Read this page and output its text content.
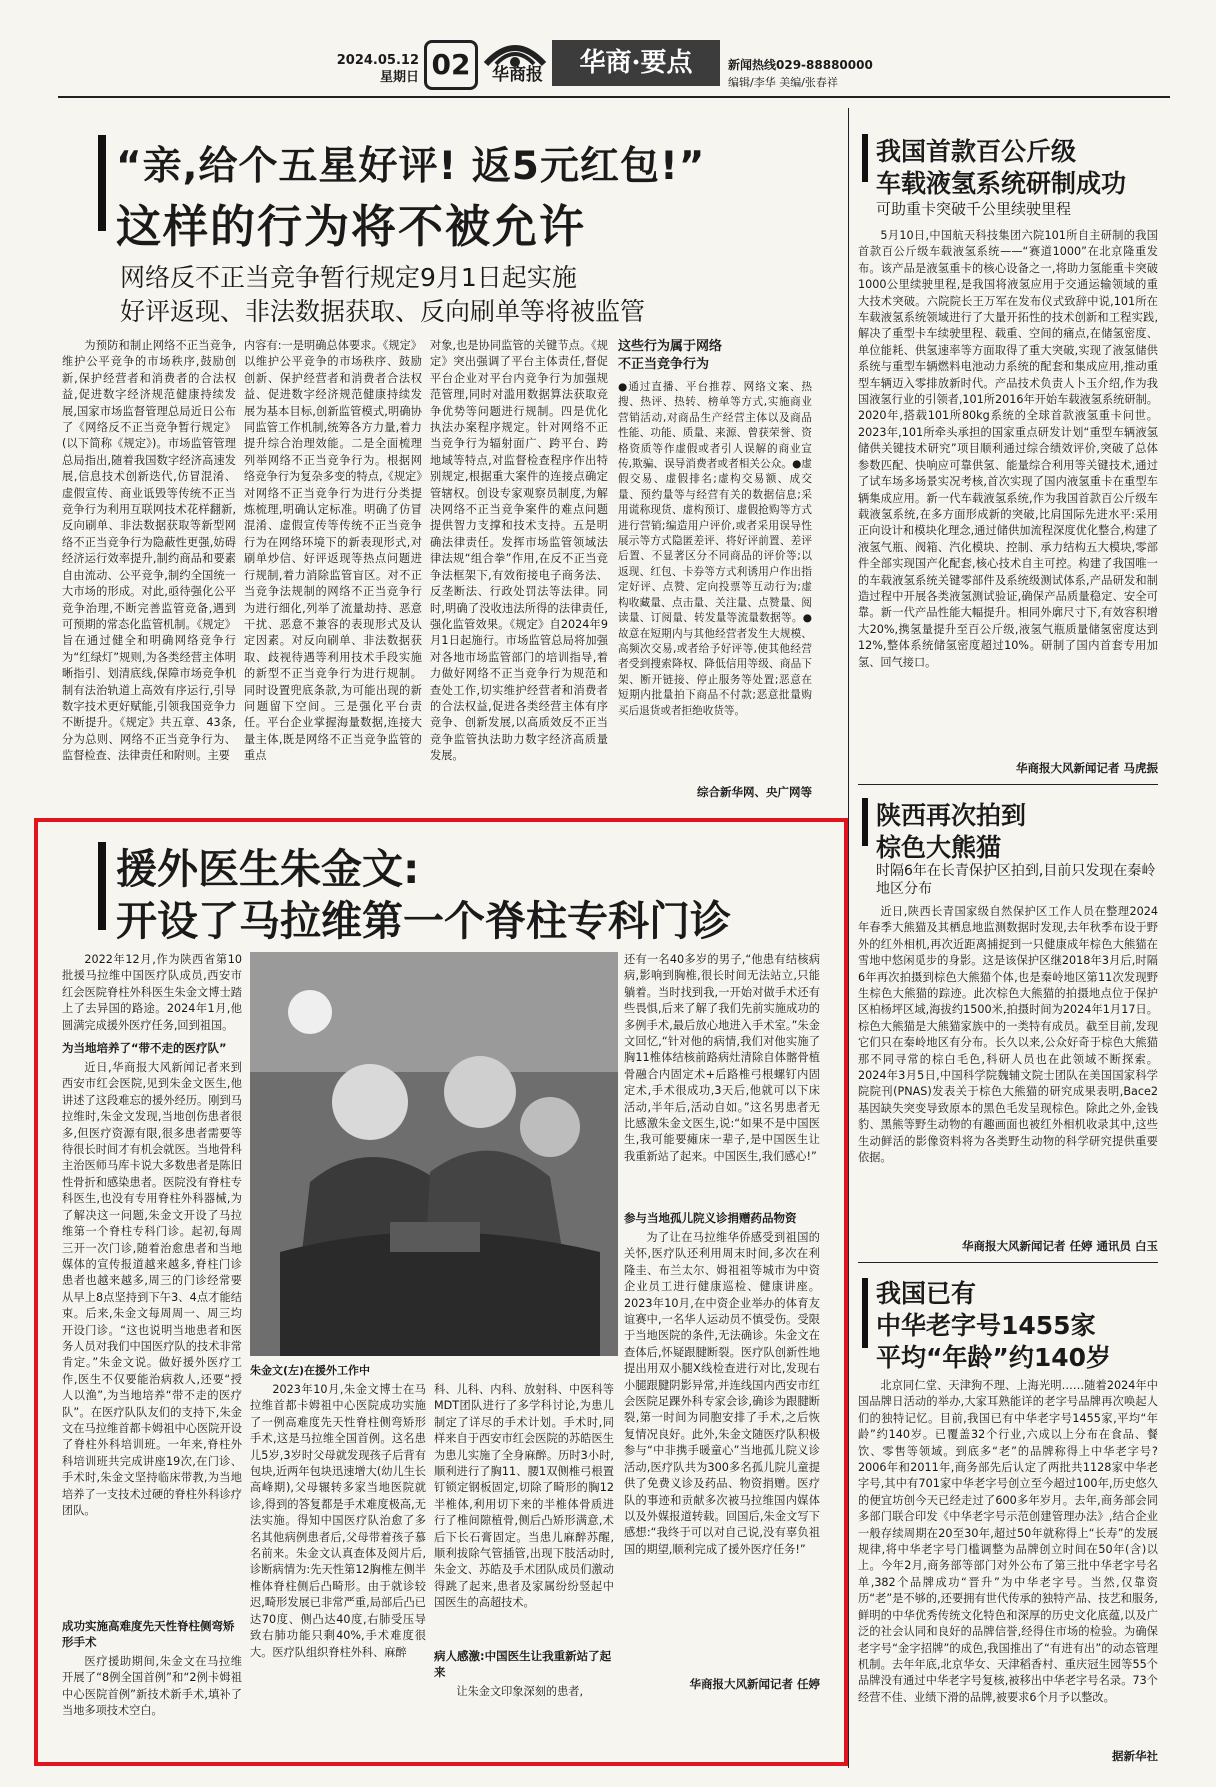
2024.05.12
星期日 02	华商报	华商·要点	新闻热线029-88880000
编辑/李华 美编/张春祥
“亲,给个五星好评! 返5元红包!”
这样的行为将不被允许
网络反不正当竞争暂行规定9月1日起实施
好评返现、非法数据获取、反向刷单等将被监管

为预防和制止网络不正当竞争,维护公平竞争的市场秩序,鼓励创新,保护经营者和消费者的合法权益,促进数字经济规范健康持续发展,国家市场监督管理总局近日公布了《网络反不正当竞争暂行规定》(以下简称《规定》)。市场监管管理总局指出,随着我国数字经济高速发展,信息技术创新迭代,仿冒混淆、虚假宣传、商业诋毁等传统不正当竞争行为利用互联网技术花样翻新,反向刷单、非法数据获取等新型网络不正当竞争行为隐蔽性更强,妨碍经济运行效率提升,制约商品和要素自由流动、公平竞争,制约全国统一大市场的形成。对此,亟待强化公平竞争治理,不断完善监管竞备,遇到可预期的常态化监管机制。《规定》旨在通过健全和明确网络竞争行为“红绿灯”规则,为各类经营主体明晰指引、划清底线,保障市场竞争机制有法治轨道上高效有序运行,引导数字技术更好赋能,引领我国竞争力不断提升。《规定》共五章、43条,分为总则、网络不正当竞争行为、监督检查、法律责任和附则。主要

内容有:一是明确总体要求。《规定》以维护公平竞争的市场秩序、鼓励创新、保护经营者和消费者合法权益、促进数字经济规范健康持续发展为基本目标,创新监管模式,明确协同监管工作机制,统筹各方力量,着力提升综合治理效能。二是全面梳理列举网络不正当竞争行为。根据网络竞争行为复杂多变的特点,《规定》对网络不正当竞争行为进行分类提炼梳理,明确认定标准。明确了仿冒混淆、虚假宣传等传统不正当竞争行为在网络环境下的新表现形式,对刷单炒信、好评返现等热点问题进行规制,着力消除监管盲区。对不正当竞争法规制的网络不正当竞争行为进行细化,列举了流量劫持、恶意干扰、恶意不兼容的表现形式及认定因素。对反向刷单、非法数据获取、歧视待遇等利用技术手段实施的新型不正当竞争行为进行规制。同时设置兜底条款,为可能出现的新问题留下空间。三是强化平台责任。平台企业掌握海量数据,连接大量主体,既是网络不正当竞争监管的重点

对象,也是协同监管的关键节点。《规定》突出强调了平台主体责任,督促平台企业对平台内竞争行为加强规范管理,同时对滥用数据算法获取竞争优势等问题进行规制。四是优化执法办案程序规定。针对网络不正当竞争行为辐射面广、跨平台、跨地域等特点,对监督检查程序作出特别规定,根据重大案件的连接点确定管辖权。创设专家观察员制度,为解决网络不正当竞争案件的难点问题提供智力支撑和技术支持。五是明确法律责任。发挥市场监管领域法律法规“组合拳”作用,在反不正当竞争法框架下,有效衔接电子商务法、反垄断法、行政处罚法等法律。同时,明确了没收违法所得的法律责任,强化监管效果。《规定》自2024年9月1日起施行。市场监管总局将加强对各地市场监管部门的培训指导,着力做好网络不正当竞争行为规范和查处工作,切实维护经营者和消费者的合法权益,促进各类经营主体有序竞争、创新发展,以高质效反不正当竞争监管执法助力数字经济高质量发展。

这些行为属于网络不正当竞争行为
●通过直播、平台推荐、网络文案、热搜、热评、热转、榜单等方式,实施商业营销活动,对商品生产经营主体以及商品性能、功能、质量、来源、曾获荣誉、资格资质等作虚假或者引人误解的商业宣传,欺骗、误导消费者或者相关公众。●虚假交易、虚假排名;虚构交易额、成交量、预约量等与经营有关的数据信息;采用谎称现货、虚构预订、虚假抢购等方式进行营销;编造用户评价,或者采用误导性展示等方式隐匿差评、将好评前置、差评后置、不显著区分不同商品的评价等;以返现、红包、卡券等方式利诱用户作出指定好评、点赞、定向投票等互动行为;虚构收藏量、点击量、关注量、点赞量、阅读量、订阅量、转发量等流量数据等。●故意在短期内与其他经营者发生大规模、高频次交易,或者给予好评等,使其他经营者受到搜索降权、降低信用等级、商品下架、断开链接、停止服务等处置;恶意在短期内批量拍下商品不付款;恶意批量购买后退货或者拒绝收货等。
综合新华网、央广网等
援外医生朱金文:
开设了马拉维第一个脊柱专科门诊

2022年12月,作为陕西省第10批援马拉维中国医疗队成员,西安市红会医院脊柱外科医生朱金文博士踏上了去异国的路途。2024年1月,他圆满完成援外医疗任务,回到祖国。

为当地培养了“带不走的医疗队”

近日,华商报大风新闻记者来到西安市红会医院,见到朱金文医生,他讲述了这段难忘的援外经历。刚到马拉维时,朱金文发现,当地创伤患者很多,但医疗资源有限,很多患者需要等待很长时间才有机会就医。当地骨科主治医师马库卡说大多数患者是陈旧性骨折和感染患者。医院没有脊柱专科医生,也没有专用脊柱外科器械,为了解决这一问题,朱金文开设了马拉维第一个脊柱专科门诊。起初,每周三开一次门诊,随着治愈患者和当地媒体的宣传报道越来越多,脊柱门诊患者也越来越多,周三的门诊经常要从早上8点坚持到下午3、4点才能结束。后来,朱金文每周周一、周三均开设门诊。“这也说明当地患者和医务人员对我们中国医疗队的技术非常肯定。”朱金文说。做好援外医疗工作,医生不仅要能治病救人,还要“授人以渔”,为当地培养“带不走的医疗队”。在医疗队队友们的支持下,朱金文在马拉维首都卡姆祖中心医院开设了脊柱外科培训班。一年来,脊柱外科培训班共完成讲座19次,在门诊、手术时,朱金文坚持临床带教,为当地培养了一支技术过硬的脊柱外科诊疗团队。

成功实施高难度先天性脊柱侧弯矫形手术

医疗援助期间,朱金文在马拉维开展了“8例全国首例”和“2例卡姆祖中心医院首例”新技术新手术,填补了当地多项技术空白。

朱金文(左)在援外工作中

2023年10月,朱金文博士在马拉维首都卡姆祖中心医院成功实施了一例高难度先天性脊柱侧弯矫形手术,这是马拉维全国首例。这名患儿5岁,3岁时父母就发现孩子后背有包块,近两年包块迅速增大(幼儿生长高峰期),父母辗转多家当地医院就诊,得到的答复都是手术难度极高,无法实施。得知中国医疗队治愈了多名其他病例患者后,父母带着孩子慕名前来。朱金文认真查体及阅片后,诊断病情为:先天性第12胸椎左侧半椎体脊柱侧后凸畸形。由于就诊较迟,畸形发展已非常严重,局部后凸已达70度、侧凸达40度,右肺受压导致右肺功能只剩40%,手术难度很大。医疗队组织脊柱外科、麻醉

科、儿科、内科、放射科、中医科等MDT团队进行了多学科讨论,为患儿制定了详尽的手术计划。手术时,同样来自于西安市红会医院的苏皓医生为患儿实施了全身麻醉。历时3小时,顺利进行了胸11、腰1双侧椎弓根置钉锁定钢板固定,切除了畸形的胸12半椎体,利用切下来的半椎体骨质进行了椎间隙植骨,侧后凸矫形满意,术后下长石膏固定。当患儿麻醉苏醒,顺利拔除气管插管,出现下肢活动时,朱金文、苏皓及手术团队成员们激动得跳了起来,患者及家属纷纷竖起中国医生的高超技术。

病人感激:中国医生让我重新站了起来

让朱金文印象深刻的患者,

还有一名40多岁的男子,“他患有结核病病,影响到胸椎,很长时间无法站立,只能躺着。当时找到我,一开始对做手术还有些畏惧,后来了解了我们先前实施成功的多例手术,最后放心地进入手术室。”朱金文回忆,“针对他的病情,我们对他实施了胸11椎体结核前路病灶清除自体髂骨植骨融合内固定术+后路椎弓根螺钉内固定术,手术很成功,3天后,他就可以下床活动,半年后,活动自如。”这名男患者无比感激朱金文医生,说:“如果不是中国医生,我可能要瘫床一辈子,是中国医生让我重新站了起来。中国医生,我们感心!”

参与当地孤儿院义诊捐赠药品物资

为了让在马拉维华侨感受到祖国的关怀,医疗队还利用周末时间,多次在利隆圭、布兰太尔、姆祖祖等城市为中资企业员工进行健康巡检、健康讲座。2023年10月,在中资企业举办的体育友谊赛中,一名华人运动员不慎受伤。受限于当地医院的条件,无法确诊。朱金文在查体后,怀疑跟腱断裂。医疗队创新性地提出用双小腿X线检查进行对比,发现右小腿跟腱阴影异常,并连线国内西安市红会医院足踝外科专家会诊,确诊为跟腱断裂,第一时间为同胞安排了手术,之后恢复情况良好。此外,朱金文随医疗队积极参与“中非携手暖童心”当地孤儿院义诊活动,医疗队共为300多名孤儿院儿童提供了免费义诊及药品、物资捐赠。医疗队的事迹和贡献多次被马拉维国内媒体以及外媒报道转载。回国后,朱金文写下感想:“我终于可以对自己说,没有辜负祖国的期望,顺利完成了援外医疗任务!”

华商报大风新闻记者 任婷
我国首款百公斤级
车载液氢系统研制成功
可助重卡突破千公里续驶里程

5月10日,中国航天科技集团六院101所自主研制的我国首款百公斤级车载液氢系统——“赛道1000”在北京隆重发布。该产品是液氢重卡的核心设备之一,将助力氢能重卡突破1000公里续驶里程,是我国将液氢应用于交通运输领域的重大技术突破。六院院长王万军在发布仪式致辞中说,101所在车载液氢系统领域进行了大量开拓性的技术创新和工程实践,解决了重型卡车续驶里程、载重、空间的痛点,在储氢密度、单位能耗、供氢速率等方面取得了重大突破,实现了液氢储供系统与重型车辆燃料电池动力系统的配套和集成应用,推动重型车辆迈入零排放新时代。产品技术负责人卜玉介绍,作为我国液氢行业的引领者,101所2016年开始车载液氢系统研制。2020年,搭载101所80kg系统的全球首款液氢重卡问世。2023年,101所牵头承担的国家重点研发计划“重型车辆液氢储供关键技术研究”项目顺利通过综合绩效评价,突破了总体参数匹配、快响应可靠供氢、能量综合利用等关键技术,通过了试车场多场景实况考核,首次实现了国内液氢重卡在重型车辆集成应用。新一代车载液氢系统,作为我国首款百公斤级车载液氢系统,在多方面形成新的突破,比肩国际先进水平:采用正向设计和模块化理念,通过储供加流程深度优化整合,构建了液氢气瓶、阀箱、汽化模块、控制、承力结构五大模块,零部件全部实现国产化配套,核心技术自主可控。构建了我国唯一的车载液氢系统关键零部件及系统级测试体系,产品研发和制造过程中开展各类液氢测试验证,确保产品质量稳定、安全可靠。新一代产品性能大幅提升。相同外廓尺寸下,有效容积增大20%,携氢量提升至百公斤级,液氢气瓶质量储氢密度达到12%,整体系统储氢密度超过10%。研制了国内首套专用加氢、回气接口。

华商报大风新闻记者 马虎振
陕西再次拍到
棕色大熊猫
时隔6年在长青保护区拍到,目前只发现在秦岭地区分布

近日,陕西长青国家级自然保护区工作人员在整理2024年春季大熊猫及其栖息地监测数据时发现,去年秋季布设于野外的红外相机,再次近距离捕捉到一只健康成年棕色大熊猫在雪地中悠闲觅步的身影。这是该保护区继2018年3月后,时隔6年再次拍摄到棕色大熊猫个体,也是秦岭地区第11次发现野生棕色大熊猫的踪迹。此次棕色大熊猫的拍摄地点位于保护区柏杨坪区域,海拔约1500米,拍摄时间为2024年1月17日。棕色大熊猫是大熊猫家族中的一类特有成员。截至目前,发现它们只在秦岭地区有分布。长久以来,公众好奇于棕色大熊猫那不同寻常的棕白毛色,科研人员也在此领域不断探索。2024年3月5日,中国科学院魏辅文院士团队在美国国家科学院院刊(PNAS)发表关于棕色大熊猫的研究成果表明,Bace2基因缺失突变导致原本的黑色毛发呈现棕色。除此之外,金钱豹、黑熊等野生动物的有趣画面也被红外相机收录其中,这些生动鲜活的影像资料将为各类野生动物的科学研究提供重要依据。

华商报大风新闻记者 任婷 通讯员 白玉
我国已有
中华老字号1455家
平均“年龄”约140岁

北京同仁堂、天津狗不理、上海光明……随着2024年中国品牌日活动的举办,大家耳熟能详的老字号品牌再次唤起人们的独特记忆。目前,我国已有中华老字号1455家,平均“年龄”约140岁。已覆盖32个行业,六成以上分布在食品、餐饮、零售等领域。到底多“老”的品牌称得上中华老字号?2006年和2011年,商务部先后认定了两批共1128家中华老字号,其中有701家中华老字号创立至今超过100年,历史悠久的便宜坊创今天已经走过了600多年岁月。去年,商务部会同多部门联合印发《中华老字号示范创建管理办法》,结合企业一般存续周期在20至30年,超过50年就称得上“长寿”的发展规律,将中华老字号门槛调整为品牌创立时间在50年(含)以上。今年2月,商务部等部门对外公布了第三批中华老字号名单,382个品牌成功“晋升”为中华老字号。当然,仅靠资历“老”是不够的,还要拥有世代传承的独特产品、技艺和服务,鲜明的中华优秀传统文化特色和深厚的历史文化底蕴,以及广泛的社会认同和良好的品牌信誉,经得住市场的检验。为确保老字号“金字招牌”的成色,我国推出了“有进有出”的动态管理机制。去年年底,北京华女、天津稻香村、重庆冠生园等55个品牌没有通过中华老字号复核,被移出中华老字号名录。73个经营不佳、业绩下滑的品牌,被要求6个月予以整改。

据新华社
